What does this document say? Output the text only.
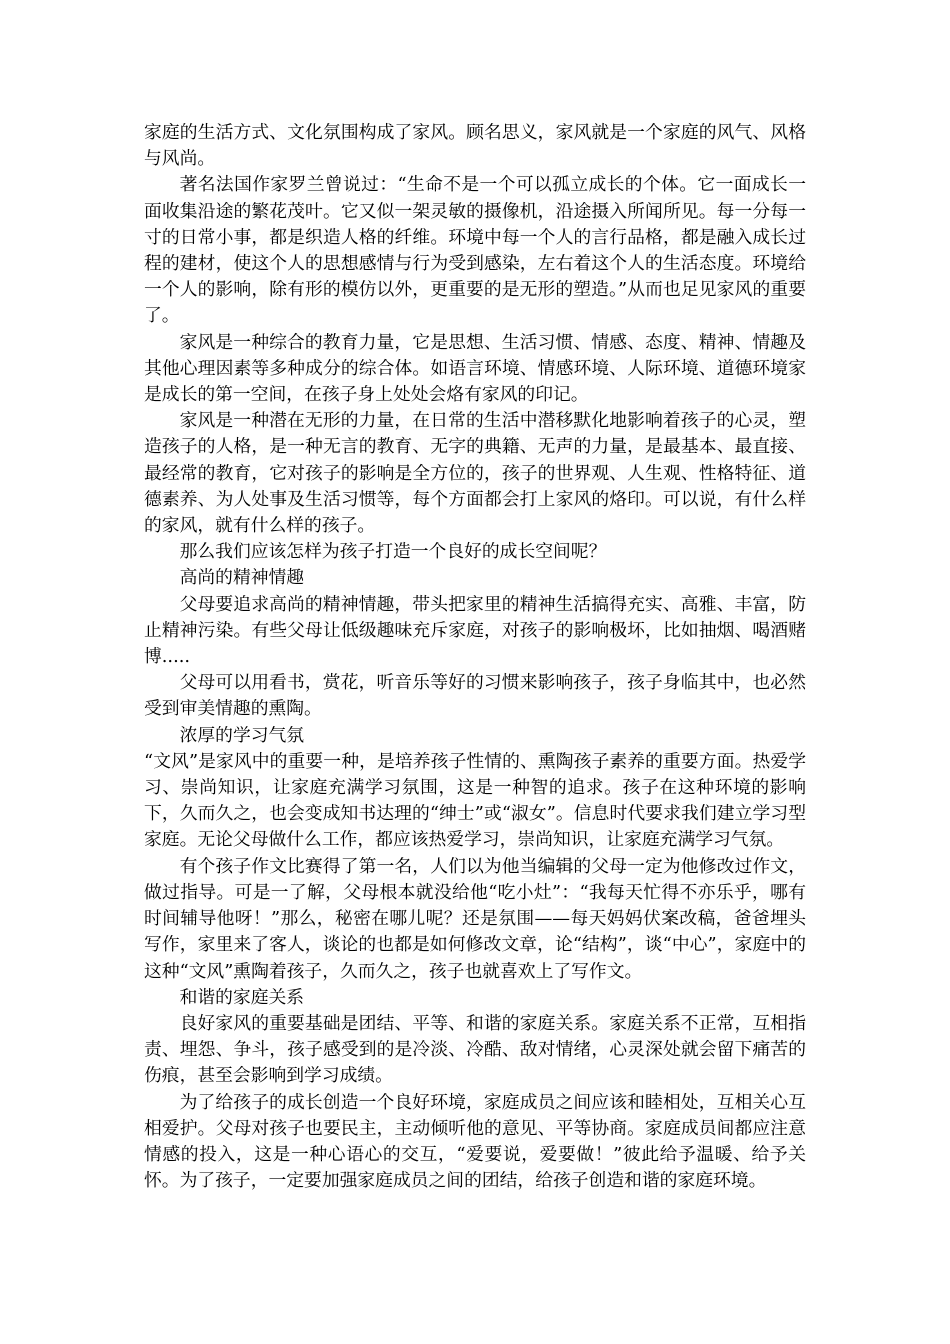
家庭的生活方式、文化氛围构成了家风。顾名思义，家风就是一个家庭的风气、风格与风尚。

著名法国作家罗兰曾说过：“生命不是一个可以孤立成长的个体。它一面成长一面收集沿途的繁花茂叶。它又似一架灵敏的摄像机，沿途摄入所闻所见。每一分每一寸的日常小事，都是织造人格的纤维。环境中每一个人的言行品格，都是融入成长过程的建材，使这个人的思想感情与行为受到感染，左右着这个人的生活态度。环境给一个人的影响，除有形的模仿以外，更重要的是无形的塑造。”从而也足见家风的重要了。

家风是一种综合的教育力量，它是思想、生活习惯、情感、态度、精神、情趣及其他心理因素等多种成分的综合体。如语言环境、情感环境、人际环境、道德环境家是成长的第一空间，在孩子身上处处会烙有家风的印记。

家风是一种潜在无形的力量，在日常的生活中潜移默化地影响着孩子的心灵，塑造孩子的人格，是一种无言的教育、无字的典籍、无声的力量，是最基本、最直接、最经常的教育，它对孩子的影响是全方位的，孩子的世界观、人生观、性格特征、道德素养、为人处事及生活习惯等，每个方面都会打上家风的烙印。可以说，有什么样的家风，就有什么样的孩子。

那么我们应该怎样为孩子打造一个良好的成长空间呢？

高尚的精神情趣

父母要追求高尚的精神情趣，带头把家里的精神生活搞得充实、高雅、丰富，防止精神污染。有些父母让低级趣味充斥家庭，对孩子的影响极坏，比如抽烟、喝酒赌博.....

父母可以用看书，赏花，听音乐等好的习惯来影响孩子，孩子身临其中，也必然受到审美情趣的熏陶。

浓厚的学习气氛

“文风”是家风中的重要一种，是培养孩子性情的、熏陶孩子素养的重要方面。热爱学习、崇尚知识，让家庭充满学习氛围，这是一种智的追求。孩子在这种环境的影响下，久而久之，也会变成知书达理的“绅士”或“淑女”。信息时代要求我们建立学习型家庭。无论父母做什么工作，都应该热爱学习，崇尚知识，让家庭充满学习气氛。

有个孩子作文比赛得了第一名，人们以为他当编辑的父母一定为他修改过作文，做过指导。可是一了解，父母根本就没给他“吃小灶”：“我每天忙得不亦乐乎，哪有时间辅导他呀！”那么，秘密在哪儿呢？还是氛围——每天妈妈伏案改稿，爸爸埋头写作，家里来了客人，谈论的也都是如何修改文章，论“结构”，谈“中心”，家庭中的这种“文风”熏陶着孩子，久而久之，孩子也就喜欢上了写作文。

和谐的家庭关系

良好家风的重要基础是团结、平等、和谐的家庭关系。家庭关系不正常，互相指责、埋怨、争斗，孩子感受到的是冷淡、冷酷、敌对情绪，心灵深处就会留下痛苦的伤痕，甚至会影响到学习成绩。

为了给孩子的成长创造一个良好环境，家庭成员之间应该和睦相处，互相关心互相爱护。父母对孩子也要民主，主动倾听他的意见、平等协商。家庭成员间都应注意情感的投入，这是一种心语心的交互，“爱要说，爱要做！”彼此给予温暖、给予关怀。为了孩子，一定要加强家庭成员之间的团结，给孩子创造和谐的家庭环境。
